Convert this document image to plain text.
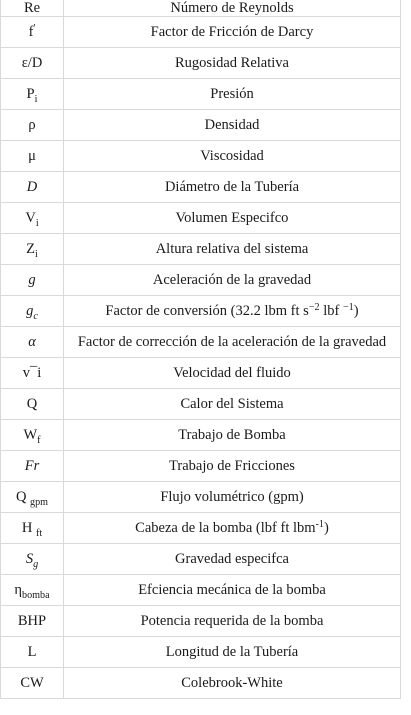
Re	Número de Reynolds
f'	Factor de Fricción de Darcy
ε/D	Rugosidad Relativa
$P_i$	Presión
ρ	Densidad
μ	Viscosidad
D	Diámetro de la Tubería
$V_i$	Volumen Especifco
$Z_i$	Altura relativa del sistema
g	Aceleración de la gravedad
$g_c$	Factor de conversión (32.2 lbm ft $s^{-2}$ lbf $^{-1}$)
α	Factor de corrección de la aceleración de la gravedad
v¯i	Velocidad del fluido
Q	Calor del Sistema
$W_f$	Trabajo de Bomba
Fr	Trabajo de Fricciones
Q $_{gpm}$	Flujo volumétrico (gpm)
H $_{ft}$	Cabeza de la bomba (lbf ft lbm$^{-1}$)
$S_g$	Gravedad especifca
$\eta_{bomba}$	Efciencia mecánica de la bomba
BHP	Potencia requerida de la bomba
L	Longitud de la Tubería
CW	Colebrook-White
